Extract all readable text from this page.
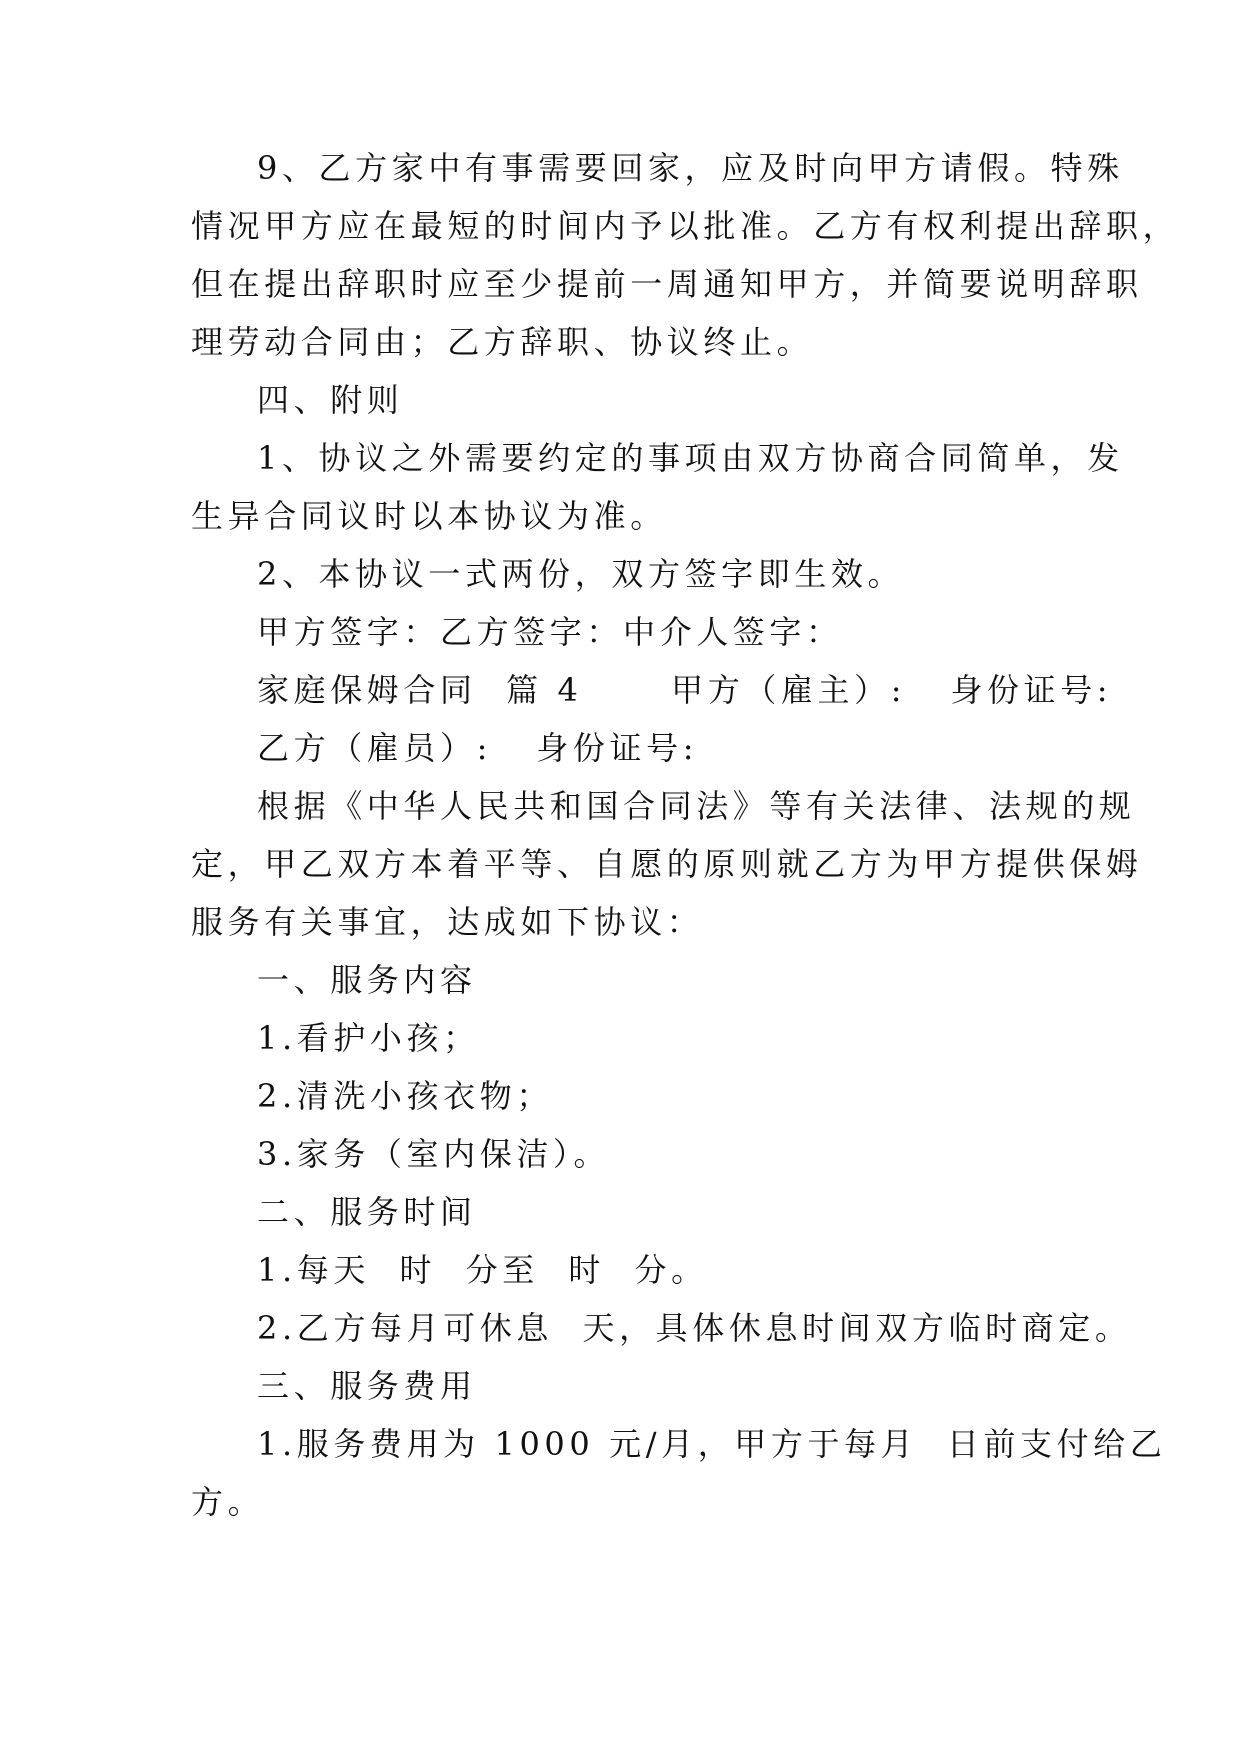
9、乙方家中有事需要回家，应及时向甲方请假。特殊
情况甲方应在最短的时间内予以批准。乙方有权利提出辞职，
但在提出辞职时应至少提前一周通知甲方，并简要说明辞职
理劳动合同由；乙方辞职、协议终止。
四、附则
1、协议之外需要约定的事项由双方协商合同简单，发
生异合同议时以本协议为准。
2、本协议一式两份，双方签字即生效。
甲方签字：乙方签字：中介人签字：
家庭保姆合同  篇 4      甲方（雇主）:   身份证号:
乙方（雇员）:   身份证号:
根据《中华人民共和国合同法》等有关法律、法规的规
定，甲乙双方本着平等、自愿的原则就乙方为甲方提供保姆
服务有关事宜，达成如下协议：
一、服务内容
1.看护小孩；
2.清洗小孩衣物；
3.家务（室内保洁）。
二、服务时间
1.每天  时  分至  时  分。
2.乙方每月可休息  天，具体休息时间双方临时商定。
三、服务费用
1.服务费用为 1000 元/月，甲方于每月  日前支付给乙
方。
